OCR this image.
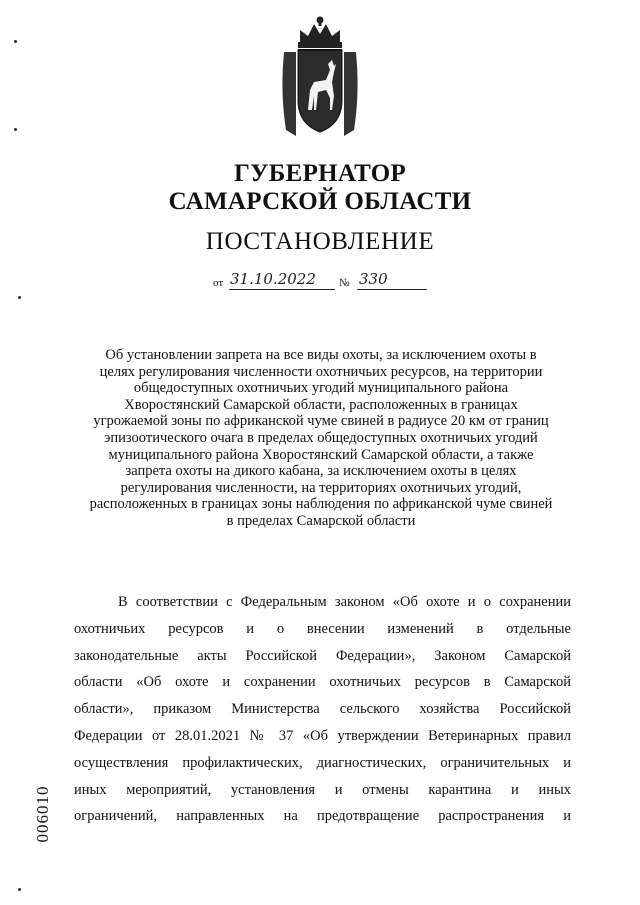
ГУБЕРНАТОР
САМАРСКОЙ ОБЛАСТИ
ПОСТАНОВЛЕНИЕ
от 31.10.2022 № 330
Об установлении запрета на все виды охоты, за исключением охоты в
целях регулирования численности охотничьих ресурсов, на территории
общедоступных охотничьих угодий муниципального района
Хворостянский Самарской области, расположенных в границах
угрожаемой зоны по африканской чуме свиней в радиусе 20 км от границ
эпизоотического очага в пределах общедоступных охотничьих угодий
муниципального района Хворостянский Самарской области, а также
запрета охоты на дикого кабана, за исключением охоты в целях
регулирования численности, на территориях охотничьих угодий,
расположенных в границах зоны наблюдения по африканской чуме свиней
в пределах Самарской области
В соответствии с Федеральным законом «Об охоте и о сохранении
охотничьих ресурсов и о внесении изменений в отдельные
законодательные акты Российской Федерации», Законом Самарской
области «Об охоте и сохранении охотничьих ресурсов в Самарской
области», приказом Министерства сельского хозяйства Российской
Федерации от 28.01.2021 № 37 «Об утверждении Ветеринарных правил
осуществления профилактических, диагностических, ограничительных и
иных мероприятий, установления и отмены карантина и иных
ограничений, направленных на предотвращение распространения и
006010
